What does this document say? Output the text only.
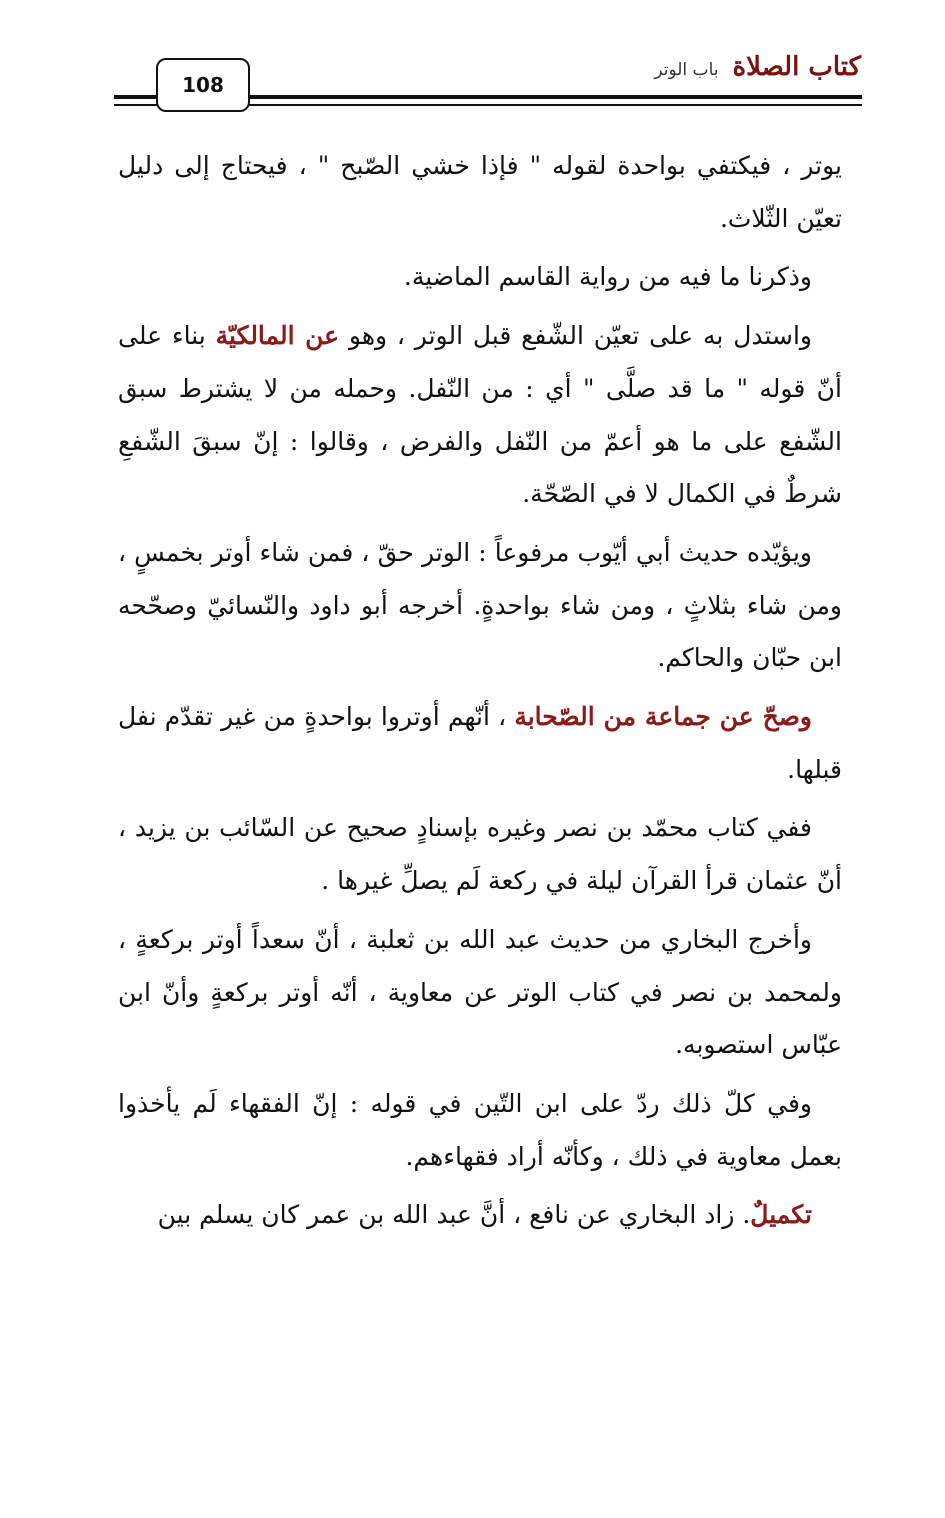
108
كتاب الصلاة
باب الوتر

يوتر ، فيكتفي بواحدة لقوله " فإذا خشي الصّبح " ، فيحتاج إلى دليل تعيّن الثّلاث.

وذكرنا ما فيه من رواية القاسم الماضية.

واستدل به على تعيّن الشّفع قبل الوتر ، وهو عن المالكيّة بناء على أنّ قوله " ما قد صلَّى " أي : من النّفل. وحمله من لا يشترط سبق الشّفع على ما هو أعمّ من النّفل والفرض ، وقالوا : إنّ سبقَ الشّفعِ شرطٌ في الكمال لا في الصّحّة.

ويؤيّده حديث أبي أيّوب مرفوعاً : الوتر حقّ ، فمن شاء أوتر بخمسٍ ، ومن شاء بثلاثٍ ، ومن شاء بواحدةٍ. أخرجه أبو داود والنّسائيّ وصحّحه ابن حبّان والحاكم.

وصحّ عن جماعة من الصّحابة ، أنّهم أوتروا بواحدةٍ من غير تقدّم نفل قبلها.

ففي كتاب محمّد بن نصر وغيره بإسنادٍ صحيح عن السّائب بن يزيد ، أنّ عثمان قرأ القرآن ليلة في ركعة لَم يصلِّ غيرها .

وأخرج البخاري من حديث عبد الله بن ثعلبة ، أنّ سعداً أوتر بركعةٍ ، ولمحمد بن نصر في كتاب الوتر عن معاوية ، أنّه أوتر بركعةٍ وأنّ ابن عبّاس استصوبه.

وفي كلّ ذلك ردّ على ابن التّين في قوله : إنّ الفقهاء لَم يأخذوا بعمل معاوية في ذلك ، وكأنّه أراد فقهاءهم.

تكميلٌ. زاد البخاري عن نافع ، أنَّ عبد الله بن عمر كان يسلم بين
